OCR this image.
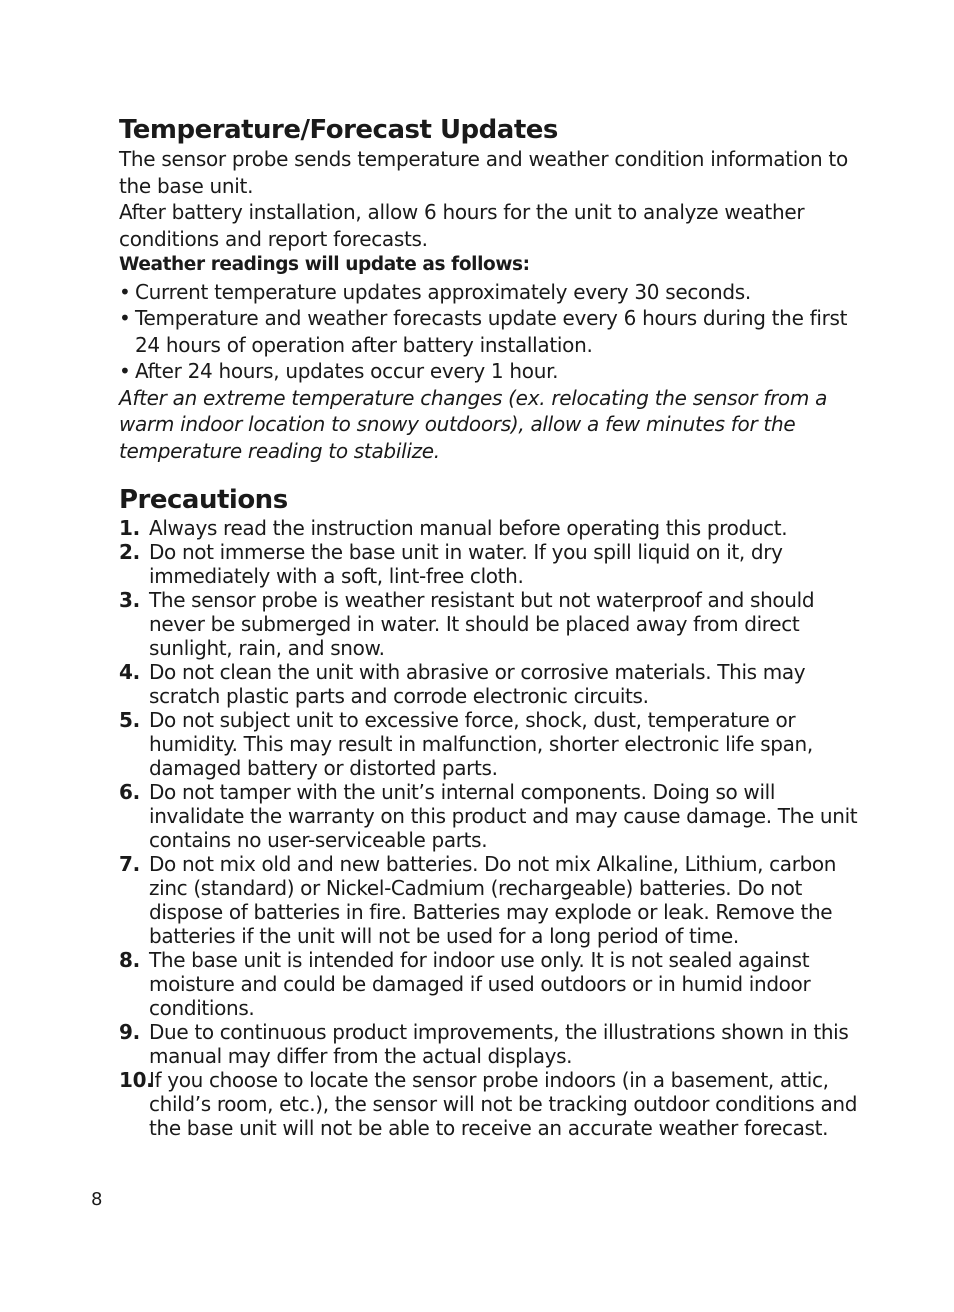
Temperature/Forecast Updates

The sensor probe sends temperature and weather condition information to the base unit.

After battery installation, allow 6 hours for the unit to analyze weather conditions and report forecasts.

Weather readings will update as follows:

• Current temperature updates approximately every 30 seconds.

• Temperature and weather forecasts update every 6 hours during the first 24 hours of operation after battery installation.

• After 24 hours, updates occur every 1 hour.

After an extreme temperature changes (ex. relocating the sensor from a warm indoor location to snowy outdoors), allow a few minutes for the temperature reading to stabilize.

Precautions
1. Always read the instruction manual before operating this product.
2. Do not immerse the base unit in water. If you spill liquid on it, dry immediately with a soft, lint-free cloth.
3. The sensor probe is weather resistant but not waterproof and should never be submerged in water. It should be placed away from direct sunlight, rain, and snow.
4. Do not clean the unit with abrasive or corrosive materials. This may scratch plastic parts and corrode electronic circuits.
5. Do not subject unit to excessive force, shock, dust, temperature or humidity. This may result in malfunction, shorter electronic life span, damaged battery or distorted parts.
6. Do not tamper with the unit’s internal components. Doing so will invalidate the warranty on this product and may cause damage. The unit contains no user-serviceable parts.
7. Do not mix old and new batteries. Do not mix Alkaline, Lithium, carbon zinc (standard) or Nickel-Cadmium (rechargeable) batteries. Do not dispose of batteries in fire. Batteries may explode or leak. Remove the batteries if the unit will not be used for a long period of time.
8. The base unit is intended for indoor use only. It is not sealed against moisture and could be damaged if used outdoors or in humid indoor conditions.
9. Due to continuous product improvements, the illustrations shown in this manual may differ from the actual displays.
10.
If you choose to locate the sensor probe indoors (in a basement, attic, child’s room, etc.), the sensor will not be tracking outdoor conditions and the base unit will not be able to receive an accurate weather forecast.
8
